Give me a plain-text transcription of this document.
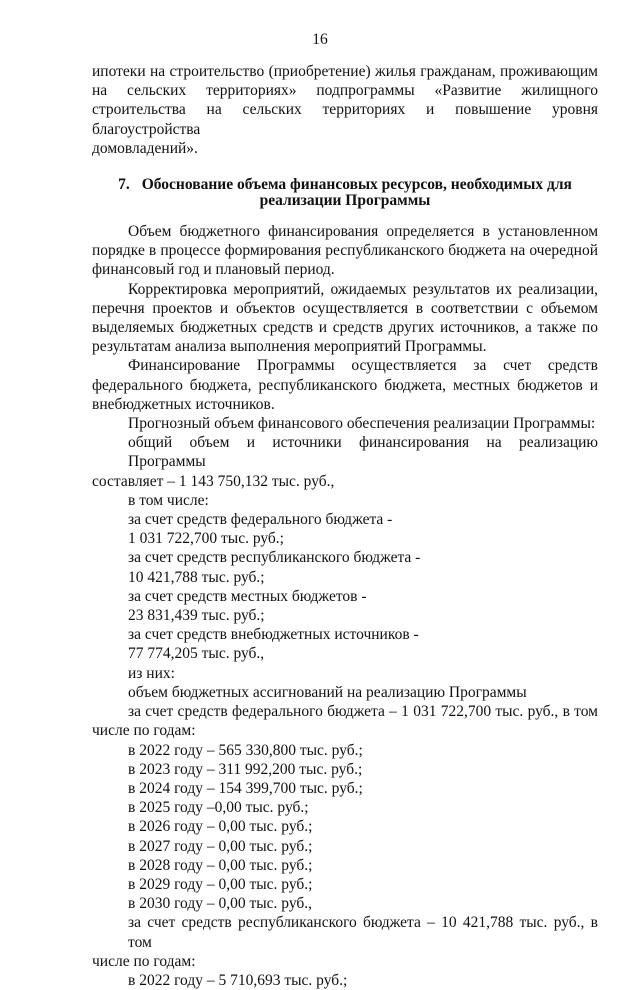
16

ипотеки на строительство (приобретение) жилья гражданам, проживающим

на сельских территориях» подпрограммы «Развитие жилищного

строительства на сельских территориях и повышение уровня благоустройства

домовладений».

7. Обоснование объема финансовых ресурсов, необходимых для

реализации Программы

Объем бюджетного финансирования определяется в установленном

порядке в процессе формирования республиканского бюджета на очередной

финансовый год и плановый период.

Корректировка мероприятий, ожидаемых результатов их реализации,

перечня проектов и объектов осуществляется в соответствии с объемом

выделяемых бюджетных средств и средств других источников, а также по

результатам анализа выполнения мероприятий Программы.

Финансирование Программы осуществляется за счет средств

федерального бюджета, республиканского бюджета, местных бюджетов и

внебюджетных источников.

Прогнозный объем финансового обеспечения реализации Программы:

общий объем и источники финансирования на реализацию Программы

составляет – 1 143 750,132 тыс. руб.,

в том числе:

за счет средств федерального бюджета -

1 031 722,700 тыс. руб.;

за счет средств республиканского бюджета -

10 421,788 тыс. руб.;

за счет средств местных бюджетов -

23 831,439 тыс. руб.;

за счет средств внебюджетных источников -

77 774,205 тыс. руб.,

из них:

объем бюджетных ассигнований на реализацию Программы

за счет средств федерального бюджета – 1 031 722,700 тыс. руб., в том

числе по годам:

в 2022 году – 565 330,800 тыс. руб.;

в 2023 году – 311 992,200 тыс. руб.;

в 2024 году – 154 399,700 тыс. руб.;

в 2025 году –0,00 тыс. руб.;

в 2026 году – 0,00 тыс. руб.;

в 2027 году – 0,00 тыс. руб.;

в 2028 году – 0,00 тыс. руб.;

в 2029 году – 0,00 тыс. руб.;

в 2030 году – 0,00 тыс. руб.,

за счет средств республиканского бюджета – 10 421,788 тыс. руб., в том

числе по годам:

в 2022 году – 5 710,693 тыс. руб.;
